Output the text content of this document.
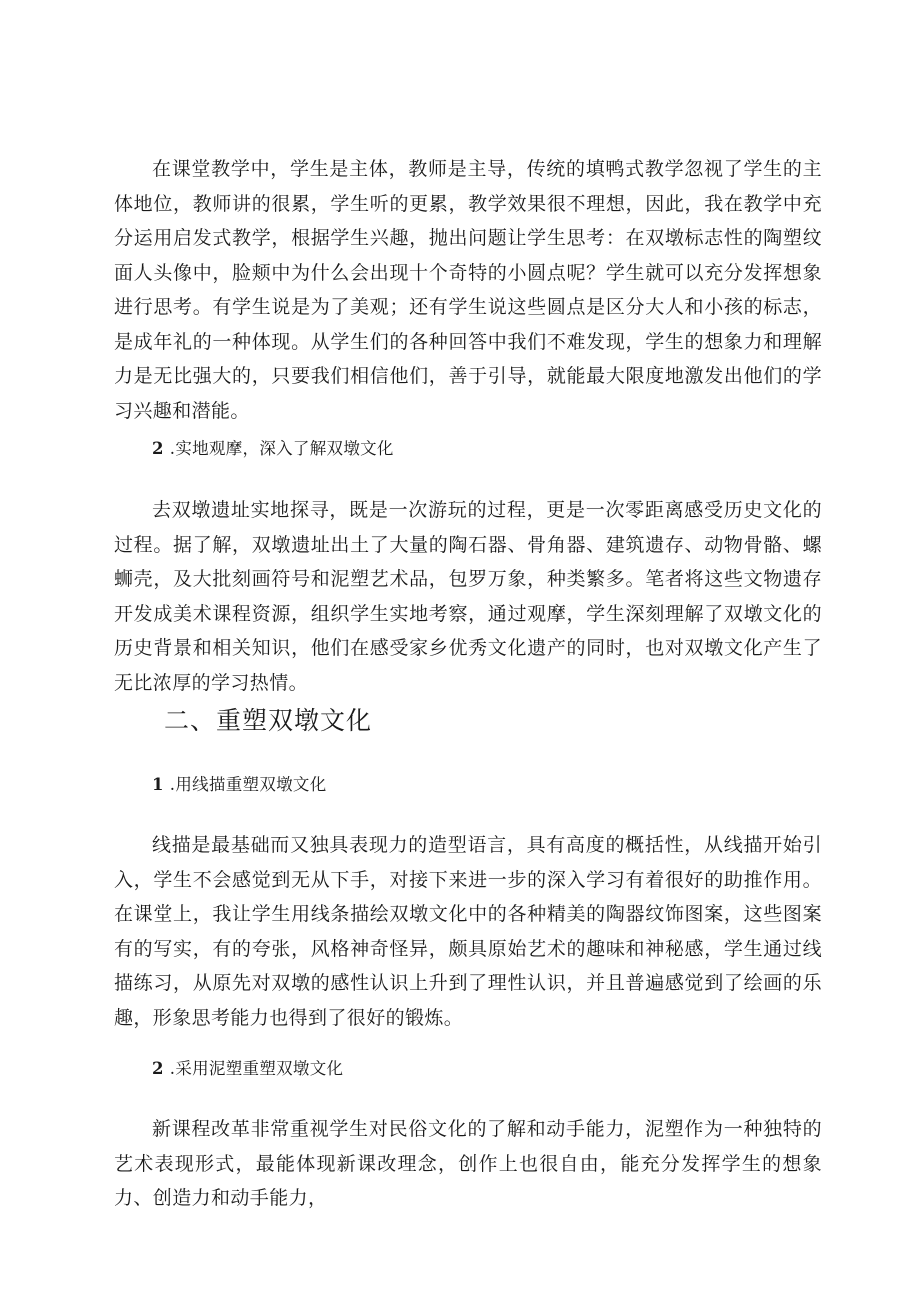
在课堂教学中，学生是主体，教师是主导，传统的填鸭式教学忽视了学生的主体地位，教师讲的很累，学生听的更累，教学效果很不理想，因此，我在教学中充分运用启发式教学，根据学生兴趣，抛出问题让学生思考：在双墩标志性的陶塑纹面人头像中，脸颊中为什么会出现十个奇特的小圆点呢？学生就可以充分发挥想象进行思考。有学生说是为了美观；还有学生说这些圆点是区分大人和小孩的标志，是成年礼的一种体现。从学生们的各种回答中我们不难发现，学生的想象力和理解力是无比强大的，只要我们相信他们，善于引导，就能最大限度地激发出他们的学习兴趣和潜能。

2 .实地观摩，深入了解双墩文化

去双墩遗址实地探寻，既是一次游玩的过程，更是一次零距离感受历史文化的过程。据了解，双墩遗址出土了大量的陶石器、骨角器、建筑遗存、动物骨骼、螺蛳壳，及大批刻画符号和泥塑艺术品，包罗万象，种类繁多。笔者将这些文物遗存开发成美术课程资源，组织学生实地考察，通过观摩，学生深刻理解了双墩文化的历史背景和相关知识，他们在感受家乡优秀文化遗产的同时，也对双墩文化产生了无比浓厚的学习热情。

二、重塑双墩文化

1 .用线描重塑双墩文化

线描是最基础而又独具表现力的造型语言，具有高度的概括性，从线描开始引入，学生不会感觉到无从下手，对接下来进一步的深入学习有着很好的助推作用。在课堂上，我让学生用线条描绘双墩文化中的各种精美的陶器纹饰图案，这些图案有的写实，有的夸张，风格神奇怪异，颇具原始艺术的趣味和神秘感，学生通过线描练习，从原先对双墩的感性认识上升到了理性认识，并且普遍感觉到了绘画的乐趣，形象思考能力也得到了很好的锻炼。

2 .采用泥塑重塑双墩文化

新课程改革非常重视学生对民俗文化的了解和动手能力，泥塑作为一种独特的艺术表现形式，最能体现新课改理念，创作上也很自由，能充分发挥学生的想象力、创造力和动手能力，
